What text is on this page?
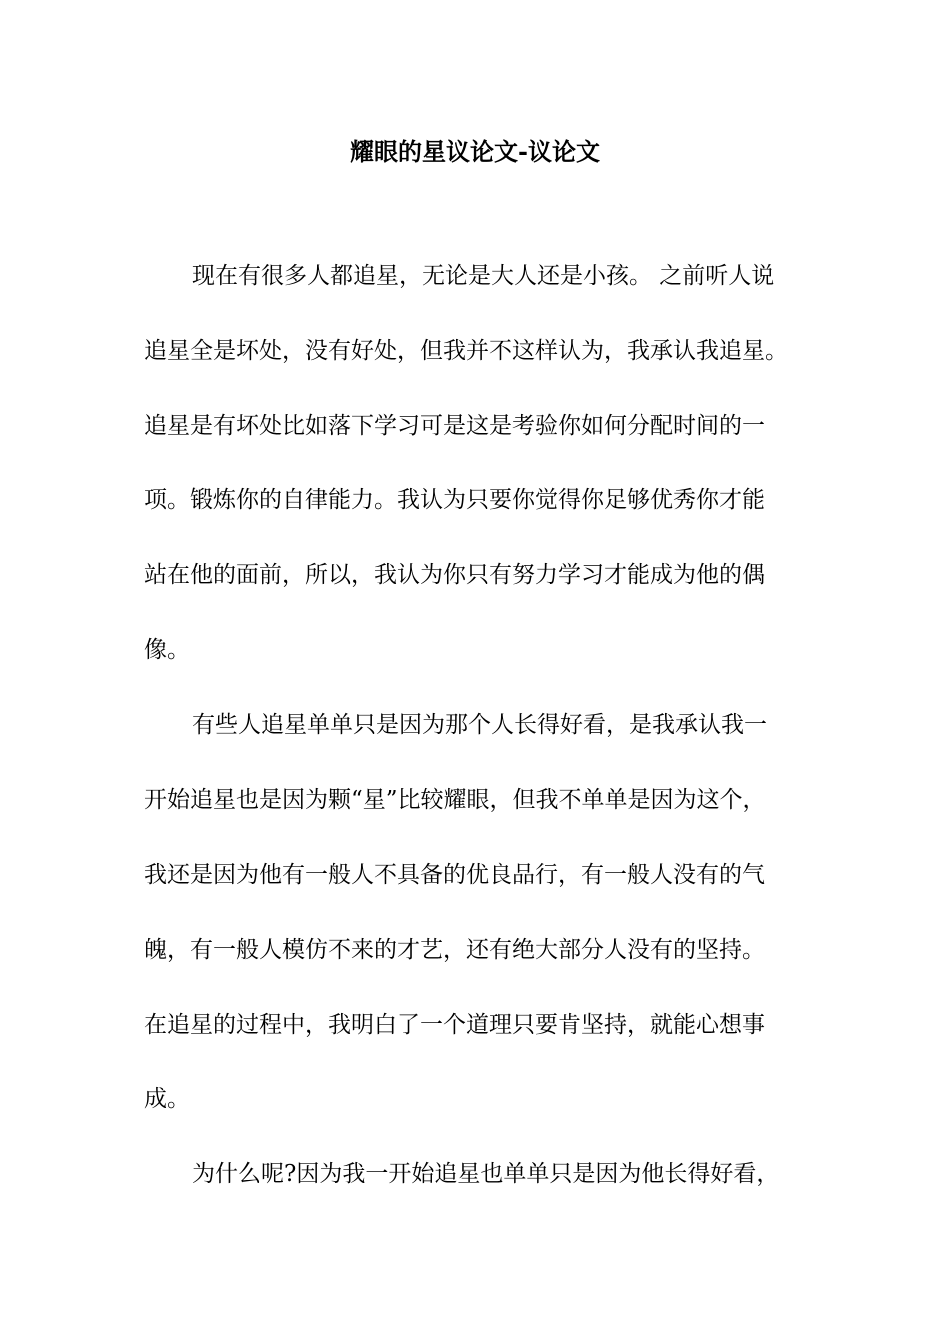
耀眼的星议论文-议论文
现在有很多人都追星，无论是大人还是小孩。 之前听人说
追星全是坏处，没有好处，但我并不这样认为，我承认我追星。
追星是有坏处比如落下学习可是这是考验你如何分配时间的一
项。锻炼你的自律能力。我认为只要你觉得你足够优秀你才能
站在他的面前，所以，我认为你只有努力学习才能成为他的偶
像。
有些人追星单单只是因为那个人长得好看，是我承认我一
开始追星也是因为颗“星”比较耀眼，但我不单单是因为这个，
我还是因为他有一般人不具备的优良品行，有一般人没有的气
魄，有一般人模仿不来的才艺，还有绝大部分人没有的坚持。
在追星的过程中，我明白了一个道理只要肯坚持，就能心想事
成。
为什么呢?因为我一开始追星也单单只是因为他长得好看，
